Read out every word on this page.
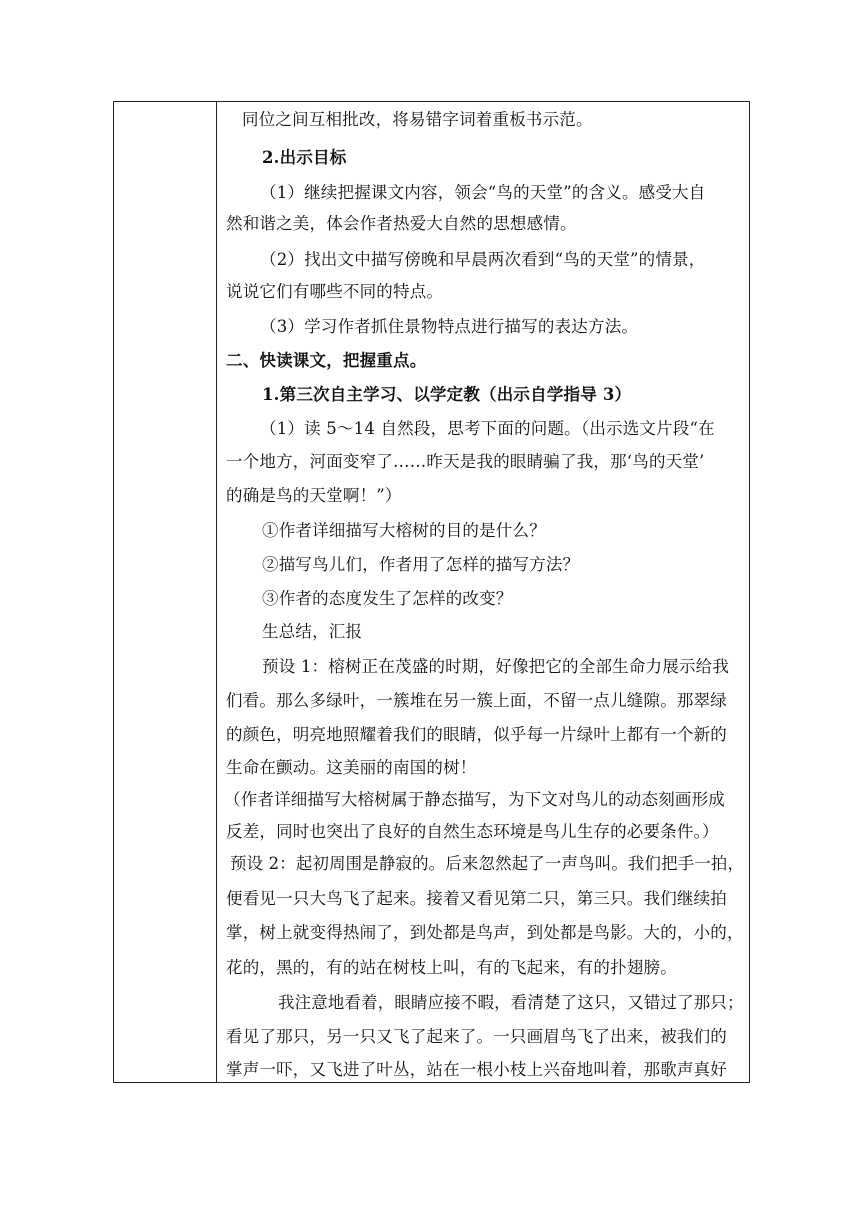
同位之间互相批改，将易错字词着重板书示范。
2.出示目标
（1）继续把握课文内容，领会“鸟的天堂”的含义。感受大自
然和谐之美，体会作者热爱大自然的思想感情。
（2）找出文中描写傍晚和早晨两次看到“鸟的天堂”的情景，
说说它们有哪些不同的特点。
（3）学习作者抓住景物特点进行描写的表达方法。
二、快读课文，把握重点。
1.第三次自主学习、以学定教（出示自学指导 3）
（1）读 5～14 自然段，思考下面的问题。（出示选文片段“在
一个地方，河面变窄了……昨天是我的眼睛骗了我，那‘鸟的天堂’
的确是鸟的天堂啊！”）
①作者详细描写大榕树的目的是什么？
②描写鸟儿们，作者用了怎样的描写方法？
③作者的态度发生了怎样的改变？
生总结，汇报
预设 1：榕树正在茂盛的时期，好像把它的全部生命力展示给我
们看。那么多绿叶，一簇堆在另一簇上面，不留一点儿缝隙。那翠绿
的颜色，明亮地照耀着我们的眼睛，似乎每一片绿叶上都有一个新的
生命在颤动。这美丽的南国的树！
（作者详细描写大榕树属于静态描写，为下文对鸟儿的动态刻画形成
反差，同时也突出了良好的自然生态环境是鸟儿生存的必要条件。）
预设 2：起初周围是静寂的。后来忽然起了一声鸟叫。我们把手一拍，
便看见一只大鸟飞了起来。接着又看见第二只，第三只。我们继续拍
掌，树上就变得热闹了，到处都是鸟声，到处都是鸟影。大的，小的，
花的，黑的，有的站在树枝上叫，有的飞起来，有的扑翅膀。
我注意地看着，眼睛应接不暇，看清楚了这只，又错过了那只；
看见了那只，另一只又飞了起来了。一只画眉鸟飞了出来，被我们的
掌声一吓，又飞进了叶丛，站在一根小枝上兴奋地叫着，那歌声真好
